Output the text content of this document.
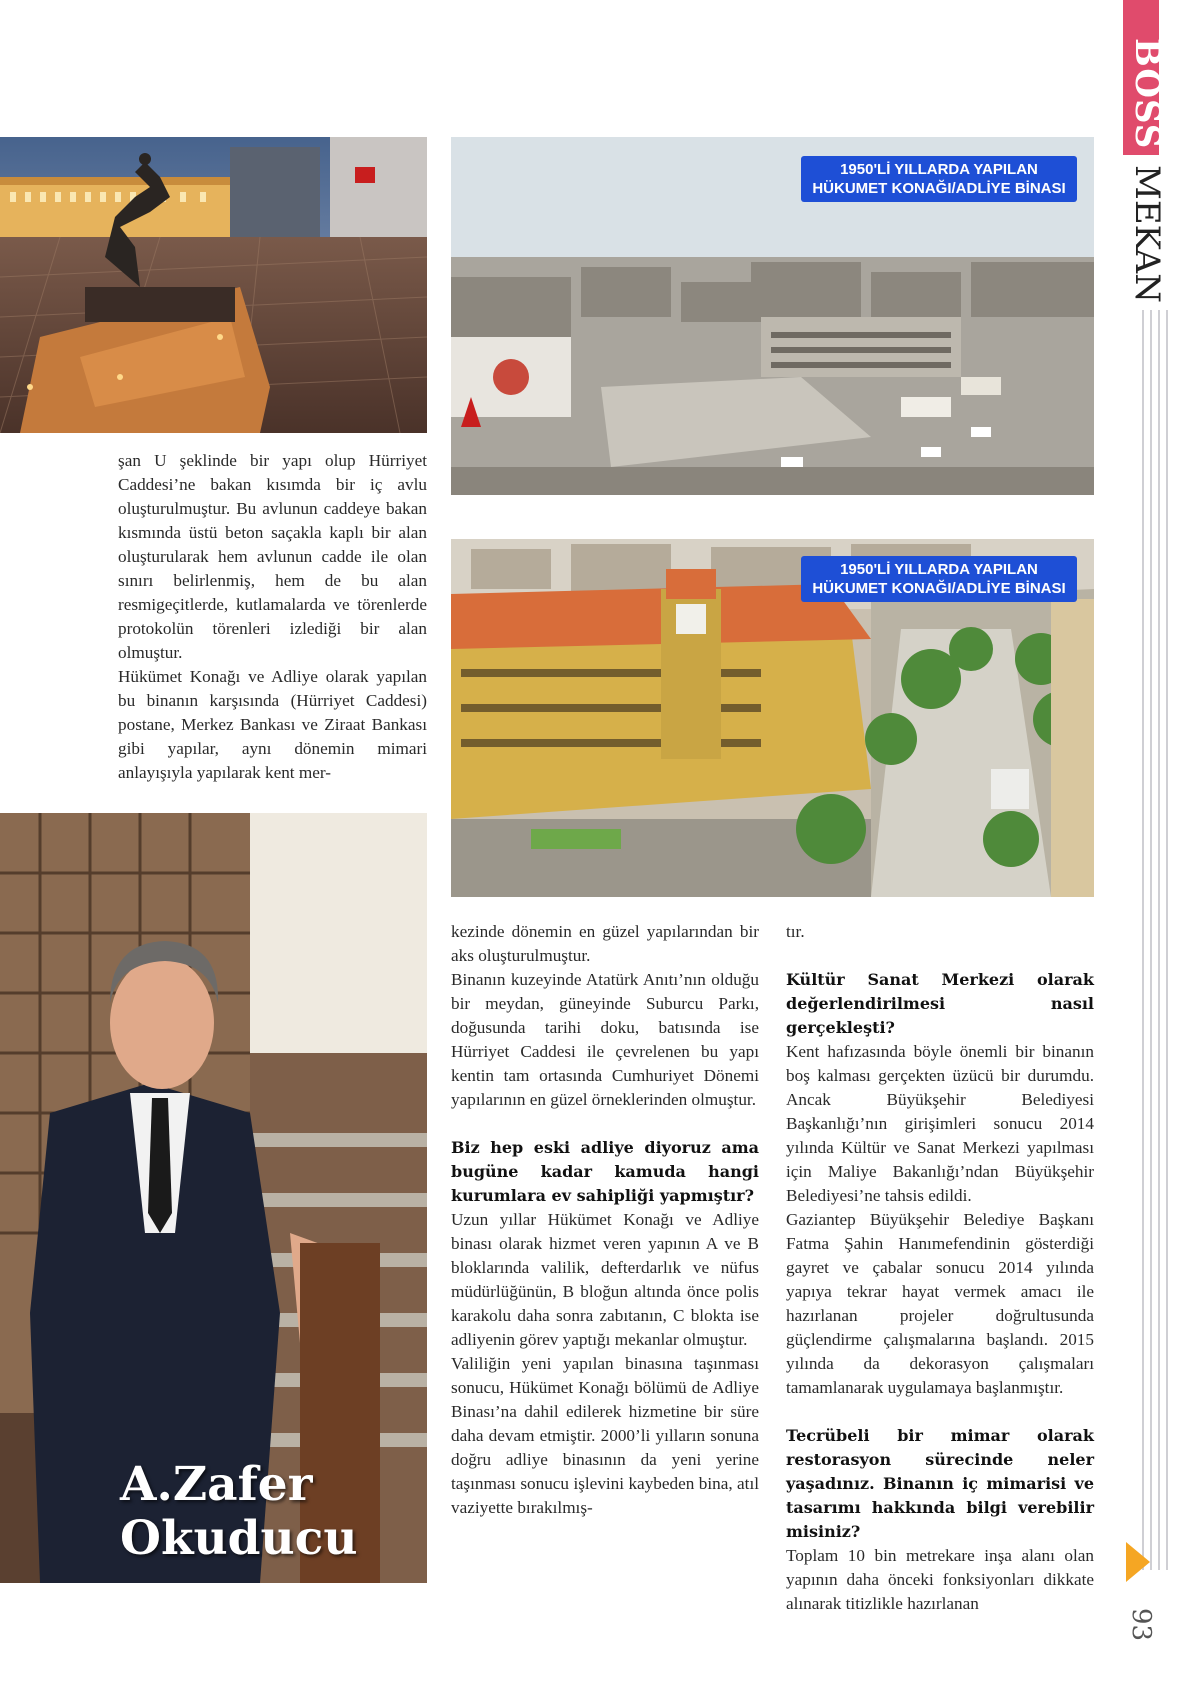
BOSS
MEKAN
93
1950'Lİ YILLARDA YAPILAN
HÜKUMET KONAĞI/ADLİYE BİNASI
1950'Lİ YILLARDA YAPILAN
HÜKUMET KONAĞI/ADLİYE BİNASI
A.Zafer
Okuducu

şan U şeklinde bir yapı olup Hürriyet Caddesi’ne bakan kısımda bir iç avlu oluşturulmuştur. Bu avlunun caddeye bakan kısmında üstü beton saçakla kaplı bir alan oluşturularak hem avlunun cadde ile olan sınırı belirlenmiş, hem de bu alan resmigeçitlerde, kutlamalarda ve törenlerde protokolün törenleri izlediği bir alan olmuştur.

Hükümet Konağı ve Adliye olarak yapılan bu binanın karşısında (Hürriyet Caddesi) postane, Merkez Bankası ve Ziraat Bankası gibi yapılar, aynı dönemin mimari anlayışıyla yapılarak kent mer-

kezinde dönemin en güzel yapılarından bir aks oluşturulmuştur.

Binanın kuzeyinde Atatürk Anıtı’nın olduğu bir meydan, güneyinde Suburcu Parkı, doğusunda tarihi doku, batısında ise Hürriyet Caddesi ile çevrelenen bu yapı kentin tam ortasında Cumhuriyet Dönemi yapılarının en güzel örneklerinden olmuştur.

Biz hep eski adliye diyoruz ama bugüne kadar kamuda hangi kurumlara ev sahipliği yapmıştır?

Uzun yıllar Hükümet Konağı ve Adliye binası olarak hizmet veren yapının A ve B bloklarında valilik, defterdarlık ve nüfus müdürlüğünün, B bloğun altında önce polis karakolu daha sonra zabıtanın, C blokta ise adliyenin görev yaptığı mekanlar olmuştur.

Valiliğin yeni yapılan binasına taşınması sonucu, Hükümet Konağı bölümü de Adliye Binası’na dahil edilerek hizmetine bir süre daha devam etmiştir. 2000’li yılların sonuna doğru adliye binasının da yeni yerine taşınması sonucu işlevini kaybeden bina, atıl vaziyette bırakılmış-

tır.

Kültür Sanat Merkezi olarak değerlendirilmesi nasıl gerçekleşti?

Kent hafızasında böyle önemli bir binanın boş kalması gerçekten üzücü bir durumdu. Ancak Büyükşehir Belediyesi Başkanlığı’nın girişimleri sonucu 2014 yılında Kültür ve Sanat Merkezi yapılması için Maliye Bakanlığı’ndan Büyükşehir Belediyesi’ne tahsis edildi.

Gaziantep Büyükşehir Belediye Başkanı Fatma Şahin Hanımefendinin gösterdiği gayret ve çabalar sonucu 2014 yılında yapıya tekrar hayat vermek amacı ile hazırlanan projeler doğrultusunda güçlendirme çalışmalarına başlandı. 2015 yılında da dekorasyon çalışmaları tamamlanarak uygulamaya başlanmıştır.

Tecrübeli bir mimar olarak restorasyon sürecinde neler yaşadınız. Binanın iç mimarisi ve tasarımı hakkında bilgi verebilir misiniz?

Toplam 10 bin metrekare inşa alanı olan yapının daha önceki fonksiyonları dikkate alınarak titizlikle hazırlanan
